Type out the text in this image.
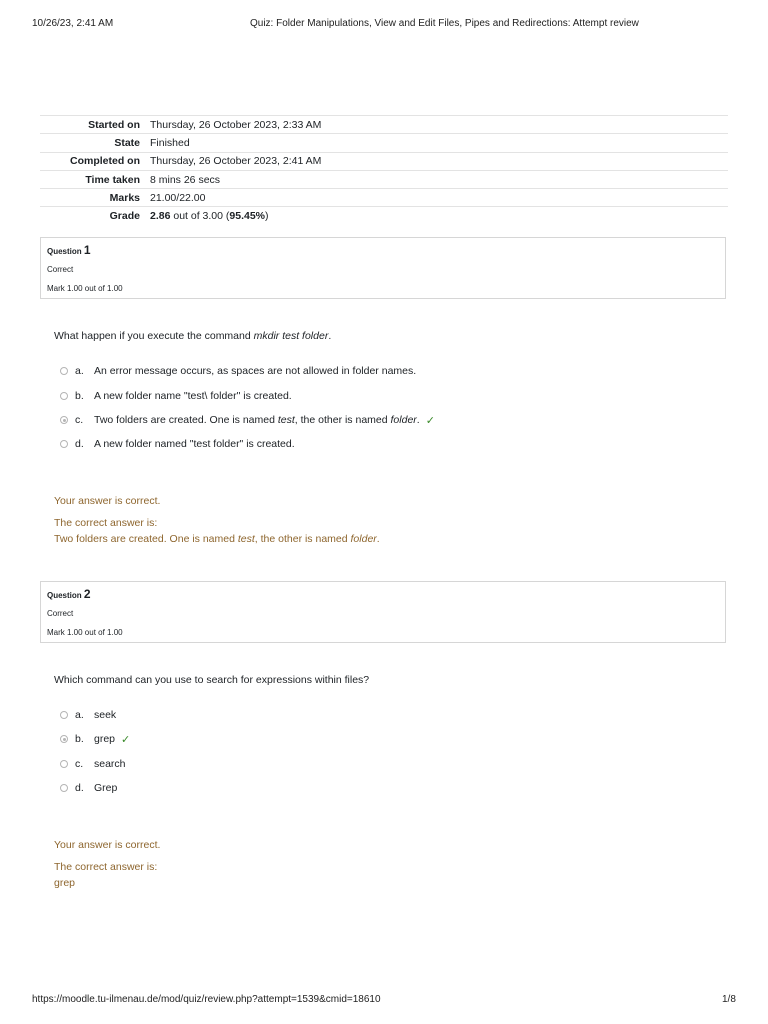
10/26/23, 2:41 AM	Quiz: Folder Manipulations, View and Edit Files, Pipes and Redirections: Attempt review
Started on	Thursday, 26 October 2023, 2:33 AM
State	Finished
Completed on	Thursday, 26 October 2023, 2:41 AM
Time taken	8 mins 26 secs
Marks	21.00/22.00
Grade	2.86 out of 3.00 (95.45%)
Question 1
Correct
Mark 1.00 out of 1.00
What happen if you execute the command mkdir test folder.
a. An error message occurs, as spaces are not allowed in folder names.
b. A new folder name "test\ folder" is created.
c.	Two folders are created. One is named test, the other is named folder. ✓
d. A new folder named "test folder" is created.
Your answer is correct.
The correct answer is:
Two folders are created. One is named test, the other is named folder.
Question 2
Correct
Mark 1.00 out of 1.00
Which command can you use to search for expressions within files?
a. seek
b. grep ✓
c.	search
d. Grep
Your answer is correct.
The correct answer is:
grep
https://moodle.tu-ilmenau.de/mod/quiz/review.php?attempt=1539&cmid=18610	1/8
